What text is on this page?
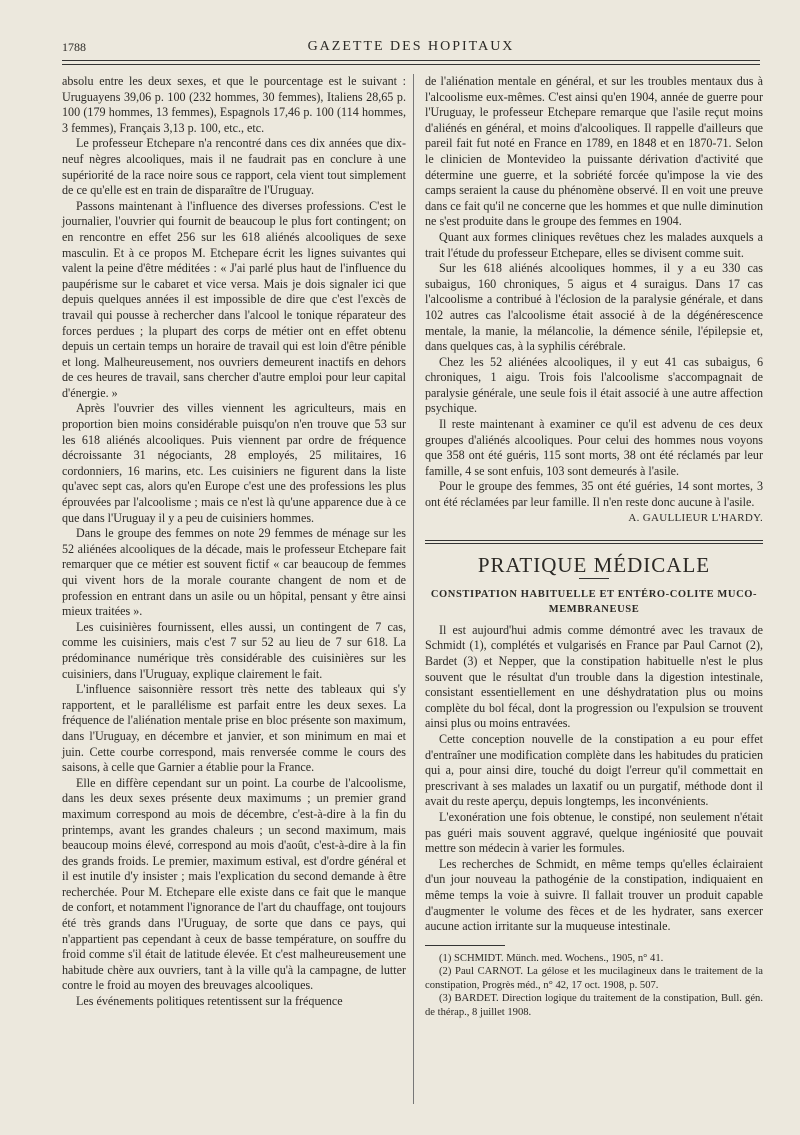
1788	GAZETTE DES HOPITAUX

absolu entre les deux sexes, et que le pourcentage est le suivant : Uruguayens 39,06 p. 100 (232 hommes, 30 femmes), Italiens 28,65 p. 100 (179 hommes, 13 femmes), Espagnols 17,46 p. 100 (114 hommes, 3 femmes), Français 3,13 p. 100, etc., etc.

Le professeur Etchepare n'a rencontré dans ces dix années que dix-neuf nègres alcooliques, mais il ne faudrait pas en conclure à une supériorité de la race noire sous ce rapport, cela vient tout simplement de ce qu'elle est en train de disparaître de l'Uruguay.

Passons maintenant à l'influence des diverses professions. C'est le journalier, l'ouvrier qui fournit de beaucoup le plus fort contingent; on en rencontre en effet 256 sur les 618 aliénés alcooliques de sexe masculin. Et à ce propos M. Etchepare écrit les lignes suivantes qui valent la peine d'être méditées : « J'ai parlé plus haut de l'influence du paupérisme sur le cabaret et vice versa. Mais je dois signaler ici que depuis quelques années il est impossible de dire que c'est l'excès de travail qui pousse à rechercher dans l'alcool le tonique réparateur des forces perdues ; la plupart des corps de métier ont en effet obtenu depuis un certain temps un horaire de travail qui est loin d'être pénible et long. Malheureusement, nos ouvriers demeurent inactifs en dehors de ces heures de travail, sans chercher d'autre emploi pour leur capital d'énergie. »

Après l'ouvrier des villes viennent les agriculteurs, mais en proportion bien moins considérable puisqu'on n'en trouve que 53 sur les 618 aliénés alcooliques. Puis viennent par ordre de fréquence décroissante 31 négociants, 28 employés, 25 militaires, 16 cordonniers, 16 marins, etc. Les cuisiniers ne figurent dans la liste qu'avec sept cas, alors qu'en Europe c'est une des professions les plus éprouvées par l'alcoolisme ; mais ce n'est là qu'une apparence due à ce que dans l'Uruguay il y a peu de cuisiniers hommes.

Dans le groupe des femmes on note 29 femmes de ménage sur les 52 aliénées alcooliques de la décade, mais le professeur Etchepare fait remarquer que ce métier est souvent fictif « car beaucoup de femmes qui vivent hors de la morale courante changent de nom et de profession en entrant dans un asile ou un hôpital, pensant y être ainsi mieux traitées ».

Les cuisinières fournissent, elles aussi, un contingent de 7 cas, comme les cuisiniers, mais c'est 7 sur 52 au lieu de 7 sur 618. La prédominance numérique très considérable des cuisinières sur les cuisiniers, dans l'Uruguay, explique clairement le fait.

L'influence saisonnière ressort très nette des tableaux qui s'y rapportent, et le parallélisme est parfait entre les deux sexes. La fréquence de l'aliénation mentale prise en bloc présente son maximum, dans l'Uruguay, en décembre et janvier, et son minimum en mai et juin. Cette courbe correspond, mais renversée comme le cours des saisons, à celle que Garnier a établie pour la France.

Elle en diffère cependant sur un point. La courbe de l'alcoolisme, dans les deux sexes présente deux maximums ; un premier grand maximum correspond au mois de décembre, c'est-à-dire à la fin du printemps, avant les grandes chaleurs ; un second maximum, mais beaucoup moins élevé, correspond au mois d'août, c'est-à-dire à la fin des grands froids. Le premier, maximum estival, est d'ordre général et il est inutile d'y insister ; mais l'explication du second demande à être recherchée. Pour M. Etchepare elle existe dans ce fait que le manque de confort, et notamment l'ignorance de l'art du chauffage, ont toujours été très grands dans l'Uruguay, de sorte que dans ce pays, qui n'appartient pas cependant à ceux de basse température, on souffre du froid comme s'il était de latitude élevée. Et c'est malheureusement une habitude chère aux ouvriers, tant à la ville qu'à la campagne, de lutter contre le froid au moyen des breuvages alcooliques.

Les événements politiques retentissent sur la fréquence

de l'aliénation mentale en général, et sur les troubles mentaux dus à l'alcoolisme eux-mêmes. C'est ainsi qu'en 1904, année de guerre pour l'Uruguay, le professeur Etchepare remarque que l'asile reçut moins d'aliénés en général, et moins d'alcooliques. Il rappelle d'ailleurs que pareil fait fut noté en France en 1789, en 1848 et en 1870-71. Selon le clinicien de Montevideo la puissante dérivation d'activité que détermine une guerre, et la sobriété forcée qu'impose la vie des camps seraient la cause du phénomène observé. Il en voit une preuve dans ce fait qu'il ne concerne que les hommes et que nulle diminution ne s'est produite dans le groupe des femmes en 1904.

Quant aux formes cliniques revêtues chez les malades auxquels a trait l'étude du professeur Etchepare, elles se divisent comme suit.

Sur les 618 aliénés alcooliques hommes, il y a eu 330 cas subaigus, 160 chroniques, 5 aigus et 4 suraigus. Dans 17 cas l'alcoolisme a contribué à l'éclosion de la paralysie générale, et dans 102 autres cas l'alcoolisme était associé à de la dégénérescence mentale, la manie, la mélancolie, la démence sénile, l'épilepsie et, dans quelques cas, à la syphilis cérébrale.

Chez les 52 aliénées alcooliques, il y eut 41 cas subaigus, 6 chroniques, 1 aigu. Trois fois l'alcoolisme s'accompagnait de paralysie générale, une seule fois il était associé à une autre affection psychique.

Il reste maintenant à examiner ce qu'il est advenu de ces deux groupes d'aliénés alcooliques. Pour celui des hommes nous voyons que 358 ont été guéris, 115 sont morts, 38 ont été réclamés par leur famille, 4 se sont enfuis, 103 sont demeurés à l'asile.

Pour le groupe des femmes, 35 ont été guéries, 14 sont mortes, 3 ont été réclamées par leur famille. Il n'en reste donc aucune à l'asile.

A. GAULLIEUR L'HARDY.
PRATIQUE MÉDICALE
CONSTIPATION HABITUELLE ET ENTÉRO-COLITE MUCO-MEMBRANEUSE

Il est aujourd'hui admis comme démontré avec les travaux de Schmidt (1), complétés et vulgarisés en France par Paul Carnot (2), Bardet (3) et Nepper, que la constipation habituelle n'est le plus souvent que le résultat d'un trouble dans la digestion intestinale, consistant essentiellement en une déshydratation plus ou moins complète du bol fécal, dont la progression ou l'expulsion se trouvent ainsi plus ou moins entravées.

Cette conception nouvelle de la constipation a eu pour effet d'entraîner une modification complète dans les habitudes du praticien qui a, pour ainsi dire, touché du doigt l'erreur qu'il commettait en prescrivant à ses malades un laxatif ou un purgatif, méthode dont il avait du reste aperçu, depuis longtemps, les inconvénients.

L'exonération une fois obtenue, le constipé, non seulement n'était pas guéri mais souvent aggravé, quelque ingéniosité que pouvait mettre son médecin à varier les formules.

Les recherches de Schmidt, en même temps qu'elles éclairaient d'un jour nouveau la pathogénie de la constipation, indiquaient en même temps la voie à suivre. Il fallait trouver un produit capable d'augmenter le volume des fèces et de les hydrater, sans exercer aucune action irritante sur la muqueuse intestinale.

(1) SCHMIDT. Münch. med. Wochens., 1905, n° 41.

(2) Paul CARNOT. La gélose et les mucilagineux dans le traitement de la constipation, Progrès méd., n° 42, 17 oct. 1908, p. 507.

(3) BARDET. Direction logique du traitement de la constipation, Bull. gén. de thérap., 8 juillet 1908.
